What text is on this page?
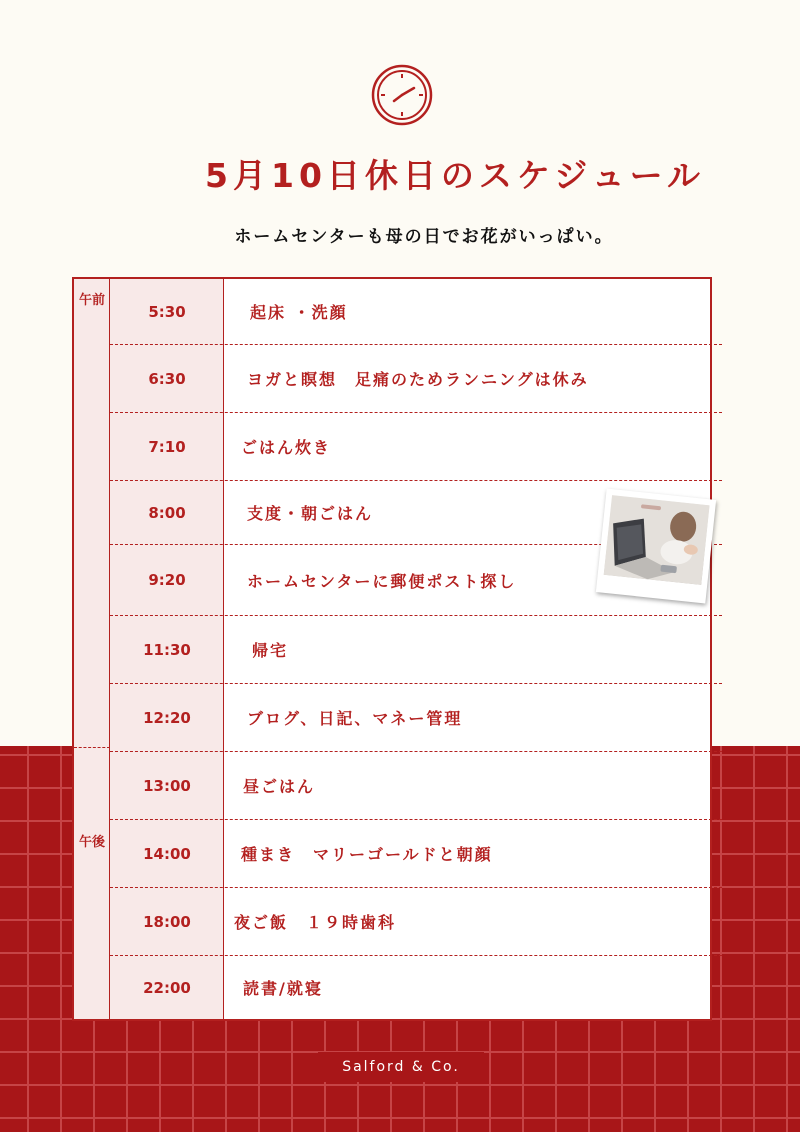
5月10日休日のスケジュール
ホームセンターも母の日でお花がいっぱい。
午前
午後
5:30	起床 ・洗顔
6:30	ヨガと瞑想　足痛のためランニングは休み
7:10	ごはん炊き
8:00	支度・朝ごはん
9:20	ホームセンターに郵便ポスト探し
11:30	帰宅
12:20	ブログ、日記、マネー管理
13:00	昼ごはん
14:00	種まき　マリーゴールドと朝顔
18:00	夜ご飯　１９時歯科
22:00	読書/就寝
Salford & Co.
